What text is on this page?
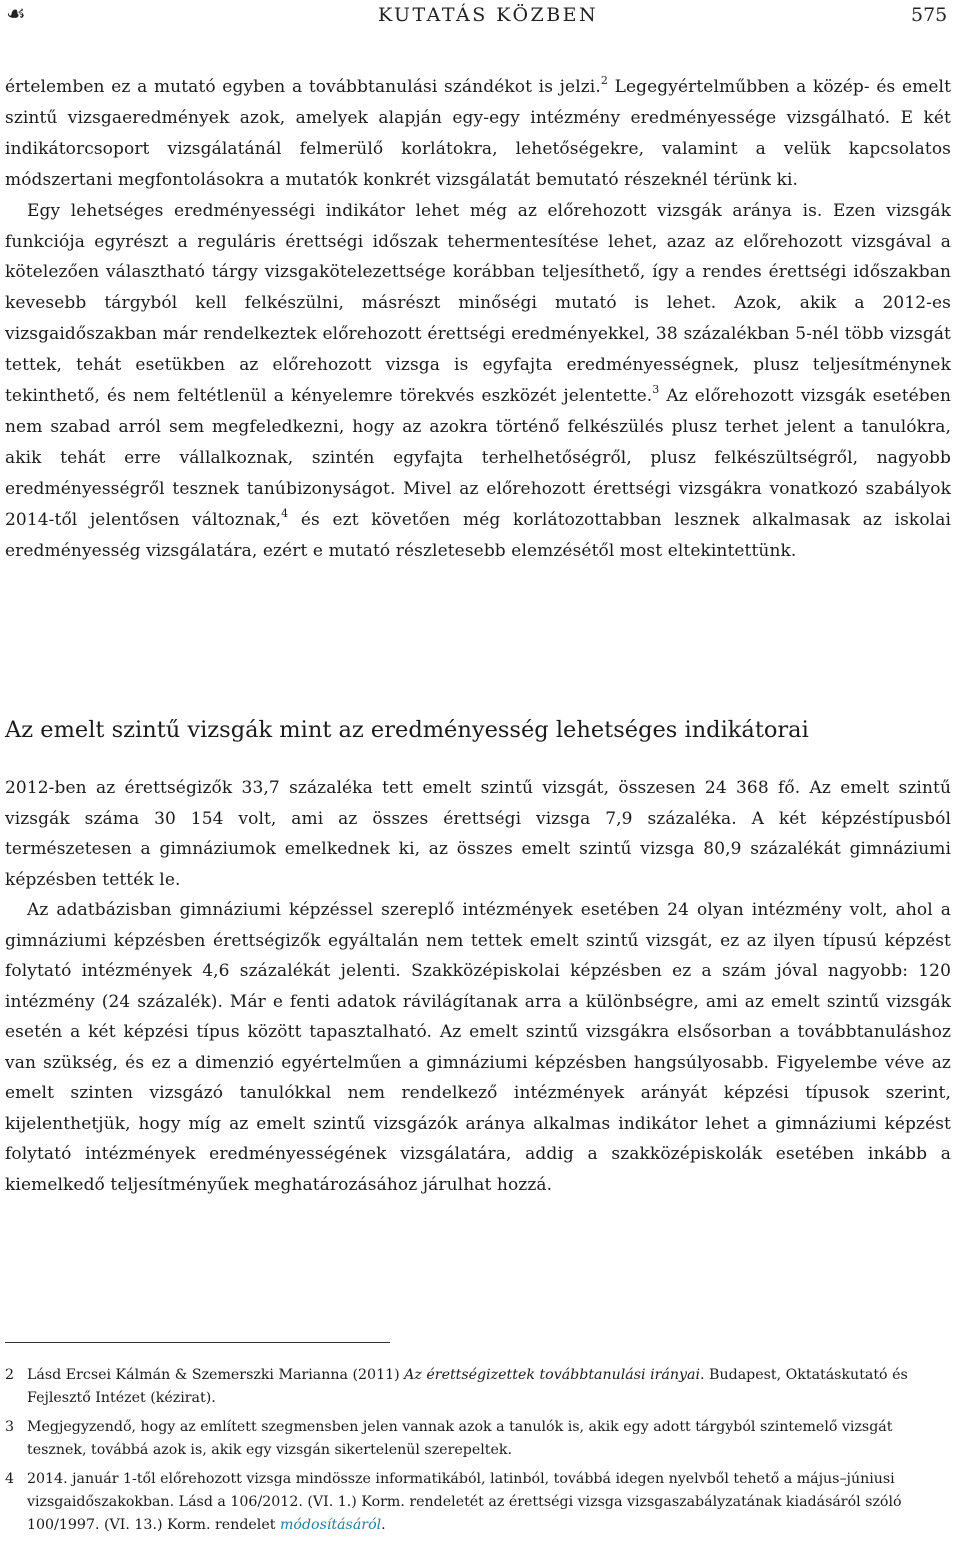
☙	KUTATÁS KÖZBEN	575
értelemben ez a mutató egyben a továbbtanulási szándékot is jelzi.$^2$ Legegyértelműbben a közép- és emelt szintű vizsgaeredmények azok, amelyek alapján egy-egy intézmény eredményessége vizsgálható. E két indikátorcsoport vizsgálatánál felmerülő korlátokra, lehetőségekre, valamint a velük kapcsolatos módszertani megfontolásokra a mutatók konkrét vizsgálatát bemutató részeknél térünk ki.
Egy lehetséges eredményességi indikátor lehet még az előrehozott vizsgák aránya is. Ezen vizsgák funkciója egyrészt a reguláris érettségi időszak tehermentesítése lehet, azaz az előrehozott vizsgával a kötelezően választható tárgy vizsgakötelezettsége korábban teljesíthető, így a rendes érettségi időszakban kevesebb tárgyból kell felkészülni, másrészt minőségi mutató is lehet. Azok, akik a 2012-es vizsgaidőszakban már rendelkeztek előrehozott érettségi eredményekkel, 38 százalékban 5-nél több vizsgát tettek, tehát esetükben az előrehozott vizsga is egyfajta eredményességnek, plusz teljesítménynek tekinthető, és nem feltétlenül a kényelemre törekvés eszközét jelentette.$^3$ Az előrehozott vizsgák esetében nem szabad arról sem megfeledkezni, hogy az azokra történő felkészülés plusz terhet jelent a tanulókra, akik tehát erre vállalkoznak, szintén egyfajta terhelhetőségről, plusz felkészültségről, nagyobb eredményességről tesznek tanúbizonyságot. Mivel az előrehozott érettségi vizsgákra vonatkozó szabályok 2014-től jelentősen változnak,$^4$ és ezt követően még korlátozottabban lesznek alkalmasak az iskolai eredményesség vizsgálatára, ezért e mutató részletesebb elemzésétől most eltekintettünk.
Az emelt szintű vizsgák mint az eredményesség lehetséges indikátorai
2012-ben az érettségizők 33,7 százaléka tett emelt szintű vizsgát, összesen 24 368 fő. Az emelt szintű vizsgák száma 30 154 volt, ami az összes érettségi vizsga 7,9 százaléka. A két képzéstípusból természetesen a gimnáziumok emelkednek ki, az összes emelt szintű vizsga 80,9 százalékát gimnáziumi képzésben tették le.
Az adatbázisban gimnáziumi képzéssel szereplő intézmények esetében 24 olyan intézmény volt, ahol a gimnáziumi képzésben érettségizők egyáltalán nem tettek emelt szintű vizsgát, ez az ilyen típusú képzést folytató intézmények 4,6 százalékát jelenti. Szakközépiskolai képzésben ez a szám jóval nagyobb: 120 intézmény (24 százalék). Már e fenti adatok rávilágítanak arra a különbségre, ami az emelt szintű vizsgák esetén a két képzési típus között tapasztalható. Az emelt szintű vizsgákra elsősorban a továbbtanuláshoz van szükség, és ez a dimenzió egyértelműen a gimnáziumi képzésben hangsúlyosabb. Figyelembe véve az emelt szinten vizsgázó tanulókkal nem rendelkező intézmények arányát képzési típusok szerint, kijelenthetjük, hogy míg az emelt szintű vizsgázók aránya alkalmas indikátor lehet a gimnáziumi képzést folytató intézmények eredményességének vizsgálatára, addig a szakközépiskolák esetében inkább a kiemelkedő teljesítményűek meghatározásához járulhat hozzá.

2 Lásd Ercsei Kálmán & Szemerszki Marianna (2011) Az érettségizettek továbbtanulási irányai. Budapest, Oktatáskutató és Fejlesztő Intézet (kézirat).

3 Megjegyzendő, hogy az említett szegmensben jelen vannak azok a tanulók is, akik egy adott tárgyból szintemelő vizsgát tesznek, továbbá azok is, akik egy vizsgán sikertelenül szerepeltek.

4 2014. január 1-től előrehozott vizsga mindössze informatikából, latinból, továbbá idegen nyelvből tehető a május–júniusi vizsgaidőszakokban. Lásd a 106/2012. (VI. 1.) Korm. rendeletét az érettségi vizsga vizsgaszabályzatának kiadásáról szóló 100/1997. (VI. 13.) Korm. rendelet módosításáról.
